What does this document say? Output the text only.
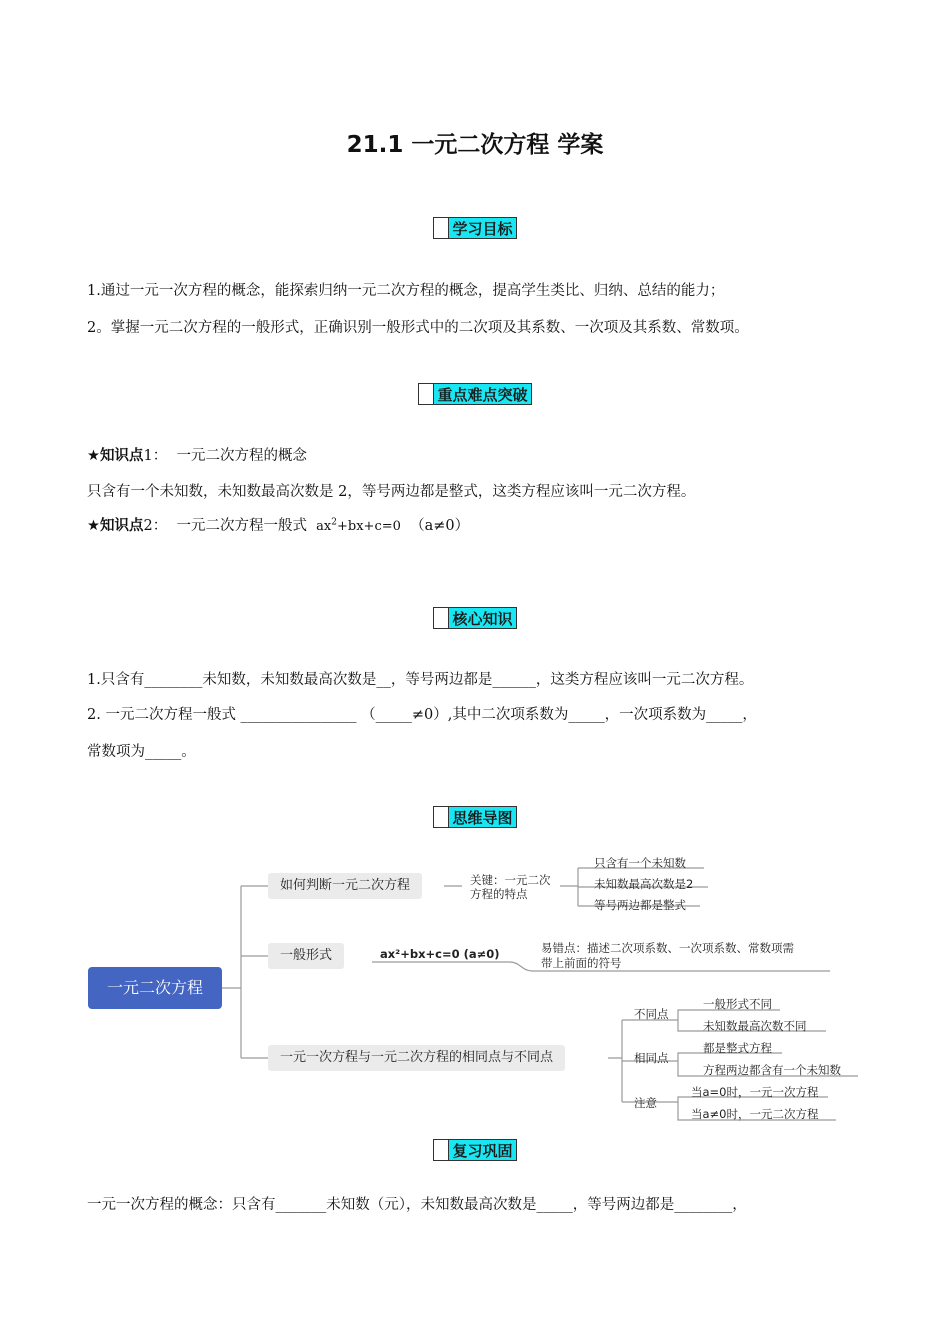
21.1 一元二次方程 学案
学习目标
1.通过一元一次方程的概念，能探索归纳一元二次方程的概念，提高学生类比、归纳、总结的能力；
2。掌握一元二次方程的一般形式，正确识别一般形式中的二次项及其系数、一次项及其系数、常数项。
重点难点突破
★知识点1： 一元二次方程的概念
只含有一个未知数，未知数最高次数是 2，等号两边都是整式，这类方程应该叫一元二次方程。
★知识点2： 一元二次方程一般式 $ax^2+bx+c=0$ （a≠0）
核心知识
1.只含有________未知数，未知数最高次数是__，等号两边都是______，这类方程应该叫一元二次方程。
2. 一元二次方程一般式 ________________ （_____≠0）,其中二次项系数为_____，一次项系数为_____，
常数项为_____。
思维导图
一元二次方程
如何判断一元二次方程	关键：一元二次
方程的特点
只含有一个未知数
未知数最高次数是2
等号两边都是整式
一般形式	ax²+bx+c=0 (a≠0)	易错点：描述二次项系数、一次项系数、常数项需
带上前面的符号
一元一次方程与一元二次方程的相同点与不同点
不同点
一般形式不同
未知数最高次数不同
相同点
都是整式方程
方程两边都含有一个未知数
注意
当a=0时，一元一次方程
当a≠0时，一元二次方程
复习巩固
一元一次方程的概念：只含有_______未知数（元），未知数最高次数是_____，等号两边都是________，
